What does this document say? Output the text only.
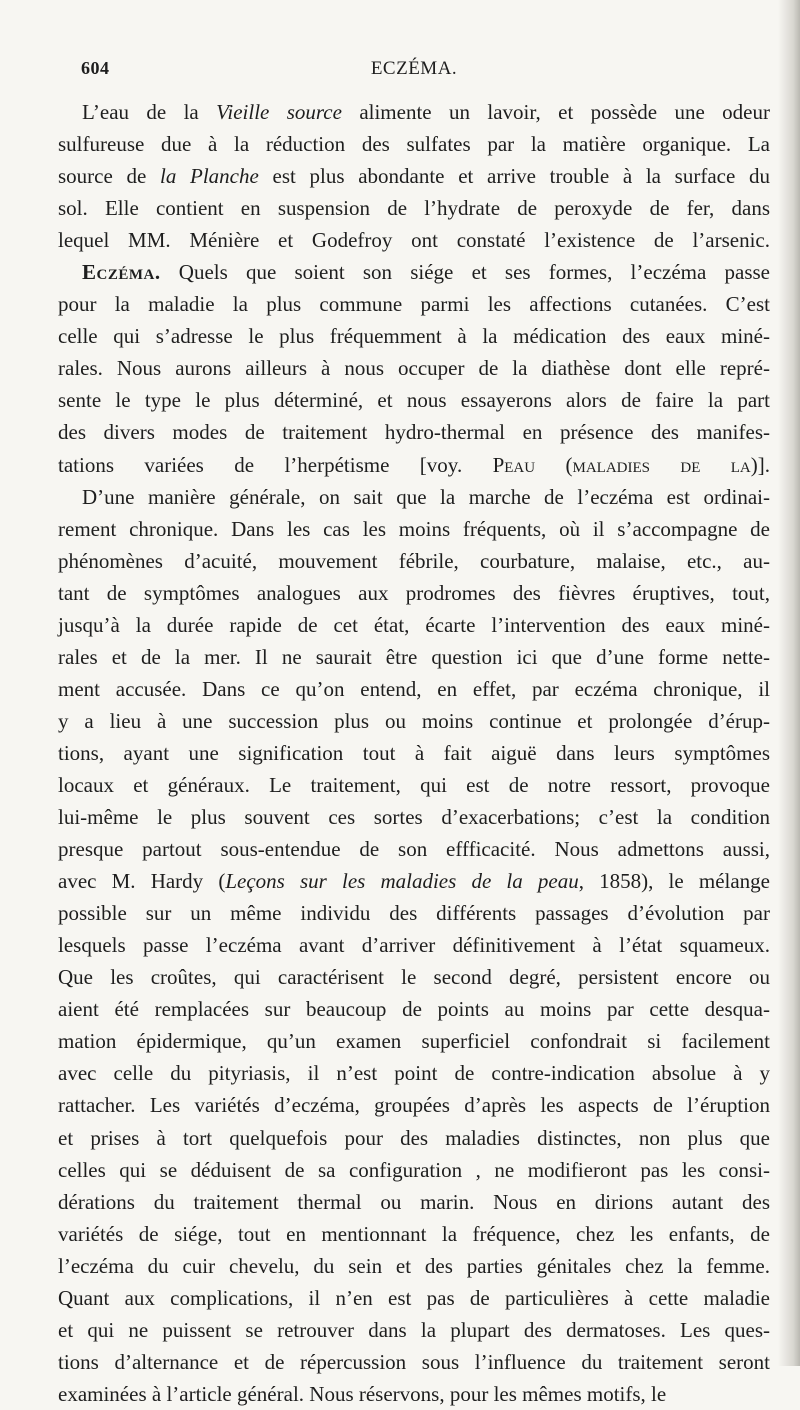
604	ECZÉMA.
L’eau de la Vieille source alimente un lavoir, et possède une odeur
sulfureuse due à la réduction des sulfates par la matière organique. La
source de la Planche est plus abondante et arrive trouble à la surface du
sol. Elle contient en suspension de l’hydrate de peroxyde de fer, dans
lequel MM. Ménière et Godefroy ont constaté l’existence de l’arsenic.
Eczéma. Quels que soient son siége et ses formes, l’eczéma passe
pour la maladie la plus commune parmi les affections cutanées. C’est
celle qui s’adresse le plus fréquemment à la médication des eaux miné-
rales. Nous aurons ailleurs à nous occuper de la diathèse dont elle repré-
sente le type le plus déterminé, et nous essayerons alors de faire la part
des divers modes de traitement hydro-thermal en présence des manifes-
tations variées de l’herpétisme [voy. Peau (maladies de la)].
D’une manière générale, on sait que la marche de l’eczéma est ordinai-
rement chronique. Dans les cas les moins fréquents, où il s’accompagne de
phénomènes d’acuité, mouvement fébrile, courbature, malaise, etc., au-
tant de symptômes analogues aux prodromes des fièvres éruptives, tout,
jusqu’à la durée rapide de cet état, écarte l’intervention des eaux miné-
rales et de la mer. Il ne saurait être question ici que d’une forme nette-
ment accusée. Dans ce qu’on entend, en effet, par eczéma chronique, il
y a lieu à une succession plus ou moins continue et prolongée d’érup-
tions, ayant une signification tout à fait aiguë dans leurs symptômes
locaux et généraux. Le traitement, qui est de notre ressort, provoque
lui-même le plus souvent ces sortes d’exacerbations; c’est la condition
presque partout sous-entendue de son effficacité. Nous admettons aussi,
avec M. Hardy (Leçons sur les maladies de la peau, 1858), le mélange
possible sur un même individu des différents passages d’évolution par
lesquels passe l’eczéma avant d’arriver définitivement à l’état squameux.
Que les croûtes, qui caractérisent le second degré, persistent encore ou
aient été remplacées sur beaucoup de points au moins par cette desqua-
mation épidermique, qu’un examen superficiel confondrait si facilement
avec celle du pityriasis, il n’est point de contre-indication absolue à y
rattacher. Les variétés d’eczéma, groupées d’après les aspects de l’éruption
et prises à tort quelquefois pour des maladies distinctes, non plus que
celles qui se déduisent de sa configuration , ne modifieront pas les consi-
dérations du traitement thermal ou marin. Nous en dirions autant des
variétés de siége, tout en mentionnant la fréquence, chez les enfants, de
l’eczéma du cuir chevelu, du sein et des parties génitales chez la femme.
Quant aux complications, il n’en est pas de particulières à cette maladie
et qui ne puissent se retrouver dans la plupart des dermatoses. Les ques-
tions d’alternance et de répercussion sous l’influence du traitement seront
examinées à l’article général. Nous réservons, pour les mêmes motifs, le
